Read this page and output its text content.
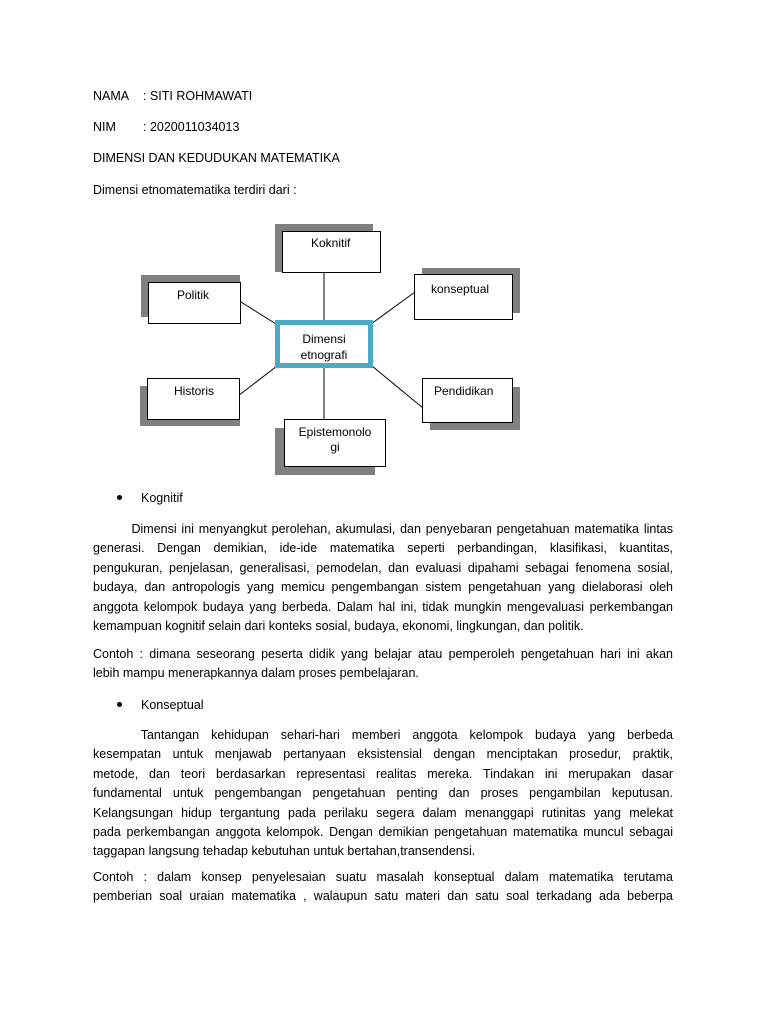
NAMA : SITI ROHMAWATI
NIM : 2020011034013
DIMENSI DAN KEDUDUKAN MATEMATIKA
Dimensi etnomatematika terdiri dari :
Koknitif
Politik	konseptual
Dimensi
etnografi
Historis	Pendidikan
Epistemonolo
gi
Kognitif
Dimensi ini menyangkut perolehan, akumulasi, dan penyebaran pengetahuan matematika lintas
generasi. Dengan demikian, ide-ide matematika seperti perbandingan, klasifikasi, kuantitas,
pengukuran, penjelasan, generalisasi, pemodelan, dan evaluasi dipahami sebagai fenomena sosial,
budaya, dan antropologis yang memicu pengembangan sistem pengetahuan yang dielaborasi oleh
anggota kelompok budaya yang berbeda. Dalam hal ini, tidak mungkin mengevaluasi perkembangan
kemampuan kognitif selain dari konteks sosial, budaya, ekonomi, lingkungan, dan politik.
Contoh : dimana seseorang peserta didik yang belajar atau pemperoleh pengetahuan hari ini akan
lebih mampu menerapkannya dalam proses pembelajaran.
Konseptual
Tantangan  kehidupan  sehari-hari  memberi  anggota  kelompok  budaya  yang  berbeda
kesempatan untuk menjawab pertanyaan eksistensial dengan menciptakan prosedur, praktik,
metode, dan teori berdasarkan representasi realitas mereka. Tindakan ini merupakan dasar
fundamental untuk pengembangan pengetahuan penting dan proses pengambilan keputusan.
Kelangsungan hidup tergantung pada perilaku segera dalam menanggapi rutinitas yang melekat
pada perkembangan anggota kelompok. Dengan demikian pengetahuan matematika muncul sebagai
taggapan langsung tehadap kebutuhan untuk bertahan,transendensi.
Contoh : dalam konsep penyelesaian suatu masalah konseptual dalam matematika terutama
pemberian soal uraian matematika , walaupun satu materi dan satu soal terkadang ada beberpa
